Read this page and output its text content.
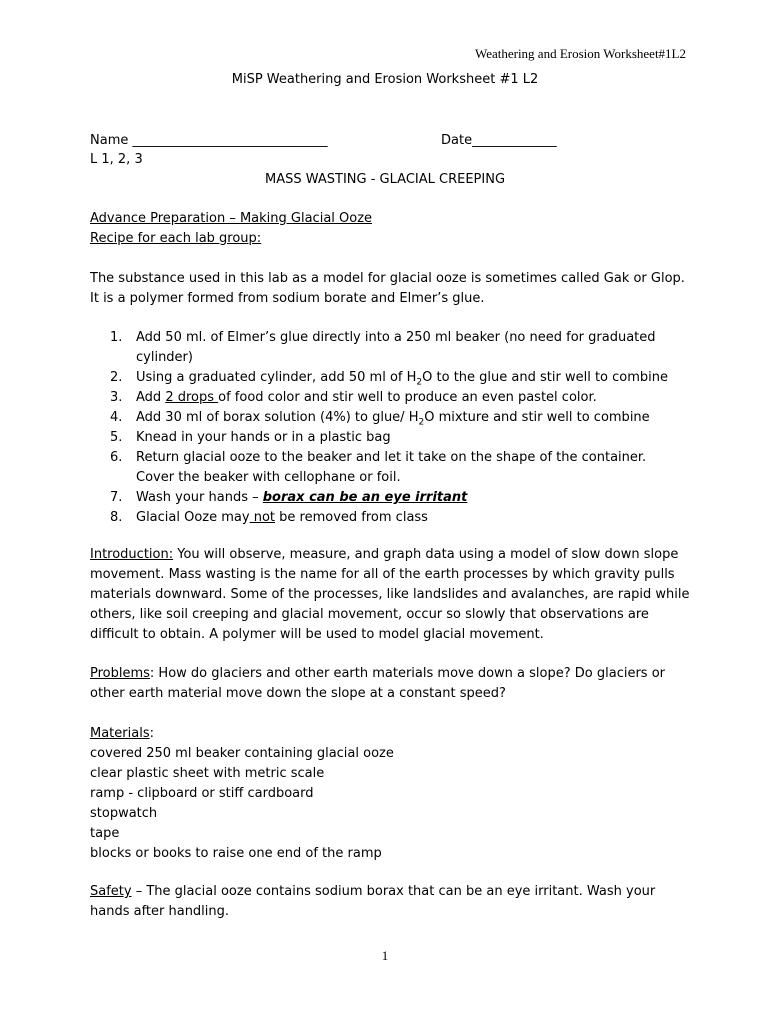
Weathering and Erosion Worksheet#1L2
MiSP Weathering and Erosion Worksheet #1 L2
Name ______________________________	Date_____________
L 1, 2, 3
MASS WASTING - GLACIAL CREEPING
Advance Preparation – Making Glacial Ooze
Recipe for each lab group:
The substance used in this lab as a model for glacial ooze is sometimes called Gak or Glop.
It is a polymer formed from sodium borate and Elmer’s glue.
1. Add 50 ml. of Elmer’s glue directly into a 250 ml beaker (no need for graduated
cylinder)
2. Using a graduated cylinder, add 50 ml of $H_2O$ to the glue and stir well to combine
3. Add 2 drops of food color and stir well to produce an even pastel color.
4. Add 30 ml of borax solution (4%) to glue/ $H_2O$ mixture and stir well to combine
5. Knead in your hands or in a plastic bag
6. Return glacial ooze to the beaker and let it take on the shape of the container.
Cover the beaker with cellophane or foil.
7. Wash your hands – borax can be an eye irritant
8. Glacial Ooze may not be removed from class
Introduction: You will observe, measure, and graph data using a model of slow down slope
movement. Mass wasting is the name for all of the earth processes by which gravity pulls
materials downward. Some of the processes, like landslides and avalanches, are rapid while
others, like soil creeping and glacial movement, occur so slowly that observations are
difficult to obtain. A polymer will be used to model glacial movement.
Problems: How do glaciers and other earth materials move down a slope? Do glaciers or
other earth material move down the slope at a constant speed?
Materials:
covered 250 ml beaker containing glacial ooze
clear plastic sheet with metric scale
ramp - clipboard or stiff cardboard
stopwatch
tape
blocks or books to raise one end of the ramp
Safety – The glacial ooze contains sodium borax that can be an eye irritant. Wash your
hands after handling.
1
